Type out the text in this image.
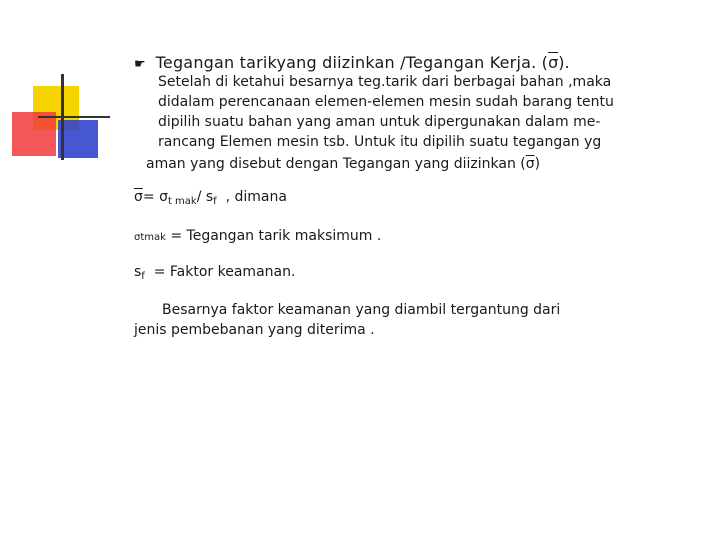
☛ Tegangan tarikyang diizinkan /Tegangan Kerja. $(\overline{\sigma})$.
Setelah di ketahui besarnya teg.tarik dari berbagai bahan ,maka
didalam perencanaan elemen-elemen mesin sudah barang tentu
dipilih suatu bahan yang aman untuk dipergunakan dalam me-
rancang Elemen mesin tsb. Untuk itu dipilih suatu tegangan yg
aman yang disebut dengan Tegangan yang diizinkan $(\overline{\sigma})$
$\overline{\sigma}= \sigma_{t mak}/$ $s_f$ , dimana
σtmak = Tegangan tarik maksimum .
$s_f$ = Faktor keamanan.
Besarnya faktor keamanan yang diambil tergantung dari
jenis pembebanan yang diterima .
